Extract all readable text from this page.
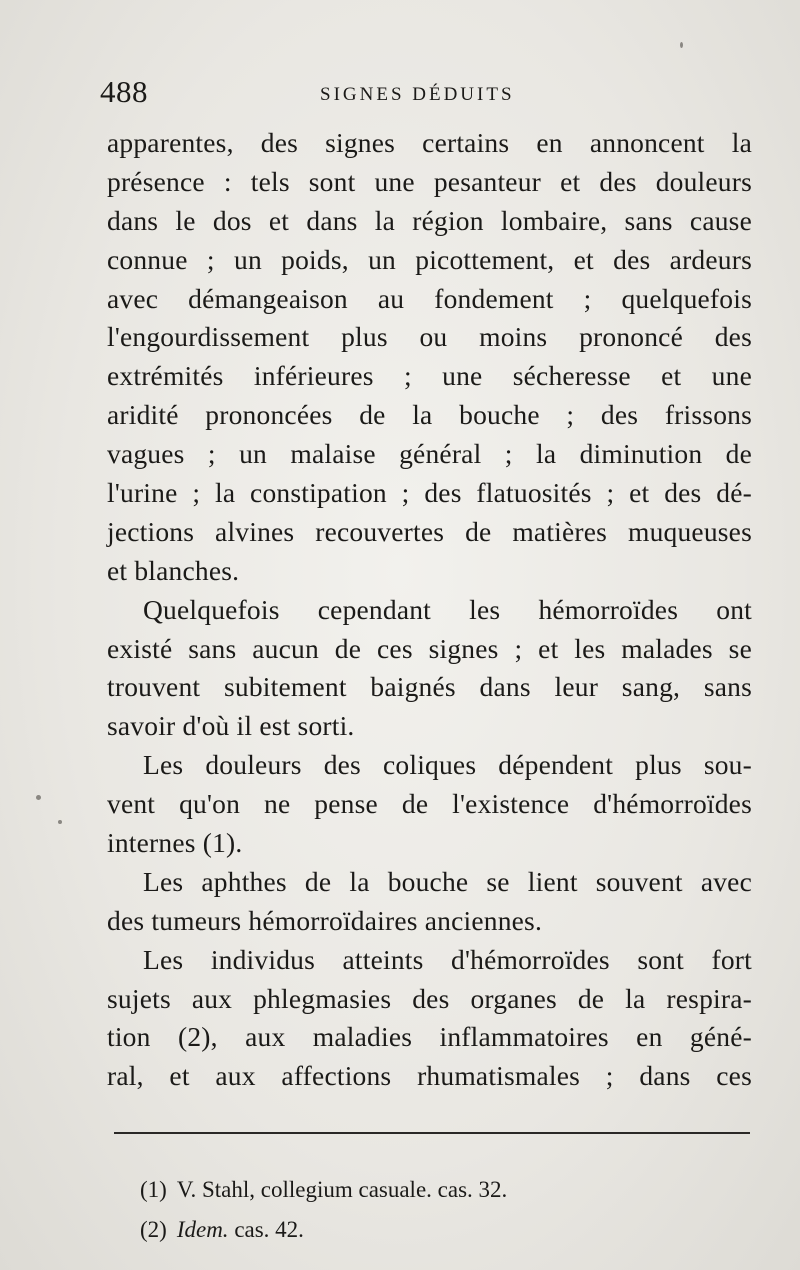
488	SIGNES DÉDUITS
apparentes, des signes certains en annoncent la
présence : tels sont une pesanteur et des douleurs
dans le dos et dans la région lombaire, sans cause
connue ; un poids, un picottement, et des ardeurs
avec démangeaison au fondement ; quelquefois
l'engourdissement plus ou moins prononcé des
extrémités inférieures ; une sécheresse et une
aridité prononcées de la bouche ; des frissons
vagues ; un malaise général ; la diminution de
l'urine ; la constipation ; des flatuosités ; et des dé-
jections alvines recouvertes de matières muqueuses
et blanches.
Quelquefois cependant les hémorroïdes ont
existé sans aucun de ces signes ; et les malades se
trouvent subitement baignés dans leur sang, sans
savoir d'où il est sorti.
Les douleurs des coliques dépendent plus sou-
vent qu'on ne pense de l'existence d'hémorroïdes
internes (1).
Les aphthes de la bouche se lient souvent avec
des tumeurs hémorroïdaires anciennes.
Les individus atteints d'hémorroïdes sont fort
sujets aux phlegmasies des organes de la respira-
tion (2), aux maladies inflammatoires en géné-
ral, et aux affections rhumatismales ; dans ces
(1) V. Stahl, collegium casuale. cas. 32.
(2) Idem. cas. 42.
